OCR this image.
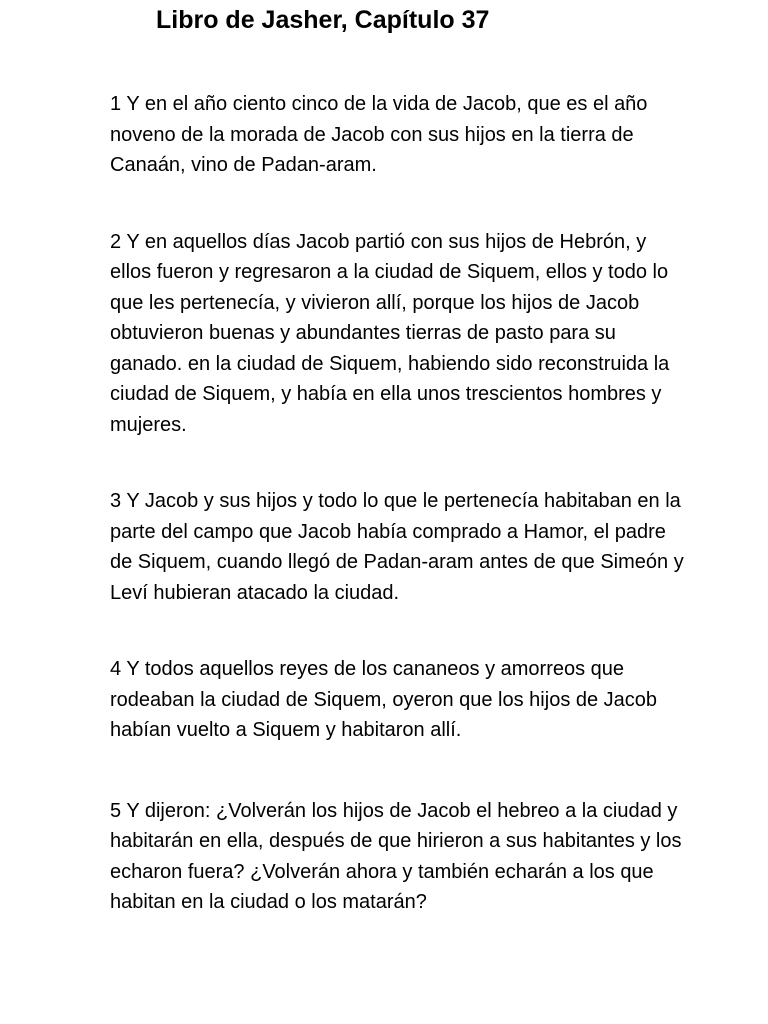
Libro de Jasher, Capítulo 37

1 Y en el año ciento cinco de la vida de Jacob, que es el año noveno de la morada de Jacob con sus hijos en la tierra de Canaán, vino de Padan-aram.

2 Y en aquellos días Jacob partió con sus hijos de Hebrón, y ellos fueron y regresaron a la ciudad de Siquem, ellos y todo lo que les pertenecía, y vivieron allí, porque los hijos de Jacob obtuvieron buenas y abundantes tierras de pasto para su ganado. en la ciudad de Siquem, habiendo sido reconstruida la ciudad de Siquem, y había en ella unos trescientos hombres y mujeres.

3 Y Jacob y sus hijos y todo lo que le pertenecía habitaban en la parte del campo que Jacob había comprado a Hamor, el padre de Siquem, cuando llegó de Padan-aram antes de que Simeón y Leví hubieran atacado la ciudad.

4 Y todos aquellos reyes de los cananeos y amorreos que rodeaban la ciudad de Siquem, oyeron que los hijos de Jacob habían vuelto a Siquem y habitaron allí.

5 Y dijeron: ¿Volverán los hijos de Jacob el hebreo a la ciudad y habitarán en ella, después de que hirieron a sus habitantes y los echaron fuera? ¿Volverán ahora y también echarán a los que habitan en la ciudad o los matarán?
